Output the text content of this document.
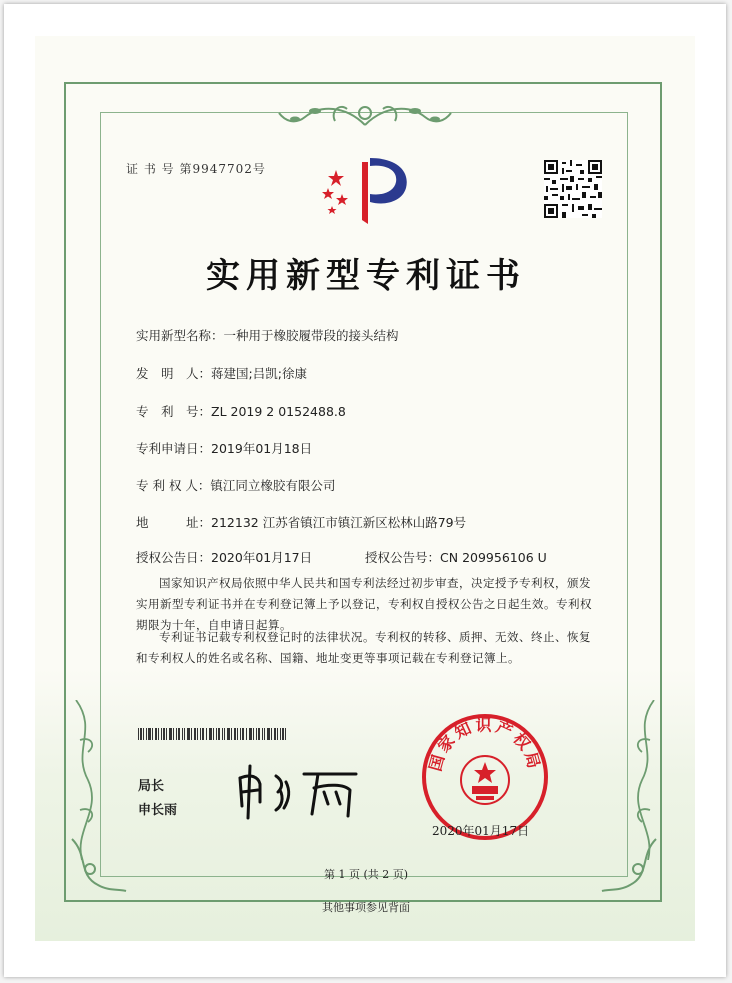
证 书 号 第9947702号
实用新型专利证书
实用新型名称：一种用于橡胶履带段的接头结构
发　明　人：蒋建国;吕凯;徐康
专　利　号：ZL 2019 2 0152488.8
专利申请日：2019年01月18日
专 利 权 人：镇江同立橡胶有限公司
地　　　址：212132 江苏省镇江市镇江新区松林山路79号
授权公告日：2020年01月17日	授权公告号：CN 209956106 U
国家知识产权局依照中华人民共和国专利法经过初步审查，决定授予专利权，颁发实用新型专利证书并在专利登记簿上予以登记，专利权自授权公告之日起生效。专利权期限为十年，自申请日起算。
专利证书记载专利权登记时的法律状况。专利权的转移、质押、无效、终止、恢复和专利权人的姓名或名称、国籍、地址变更等事项记载在专利登记簿上。
局长
申长雨
国家知识产权局
2020年01月17日
第 1 页 (共 2 页)
其他事项参见背面
